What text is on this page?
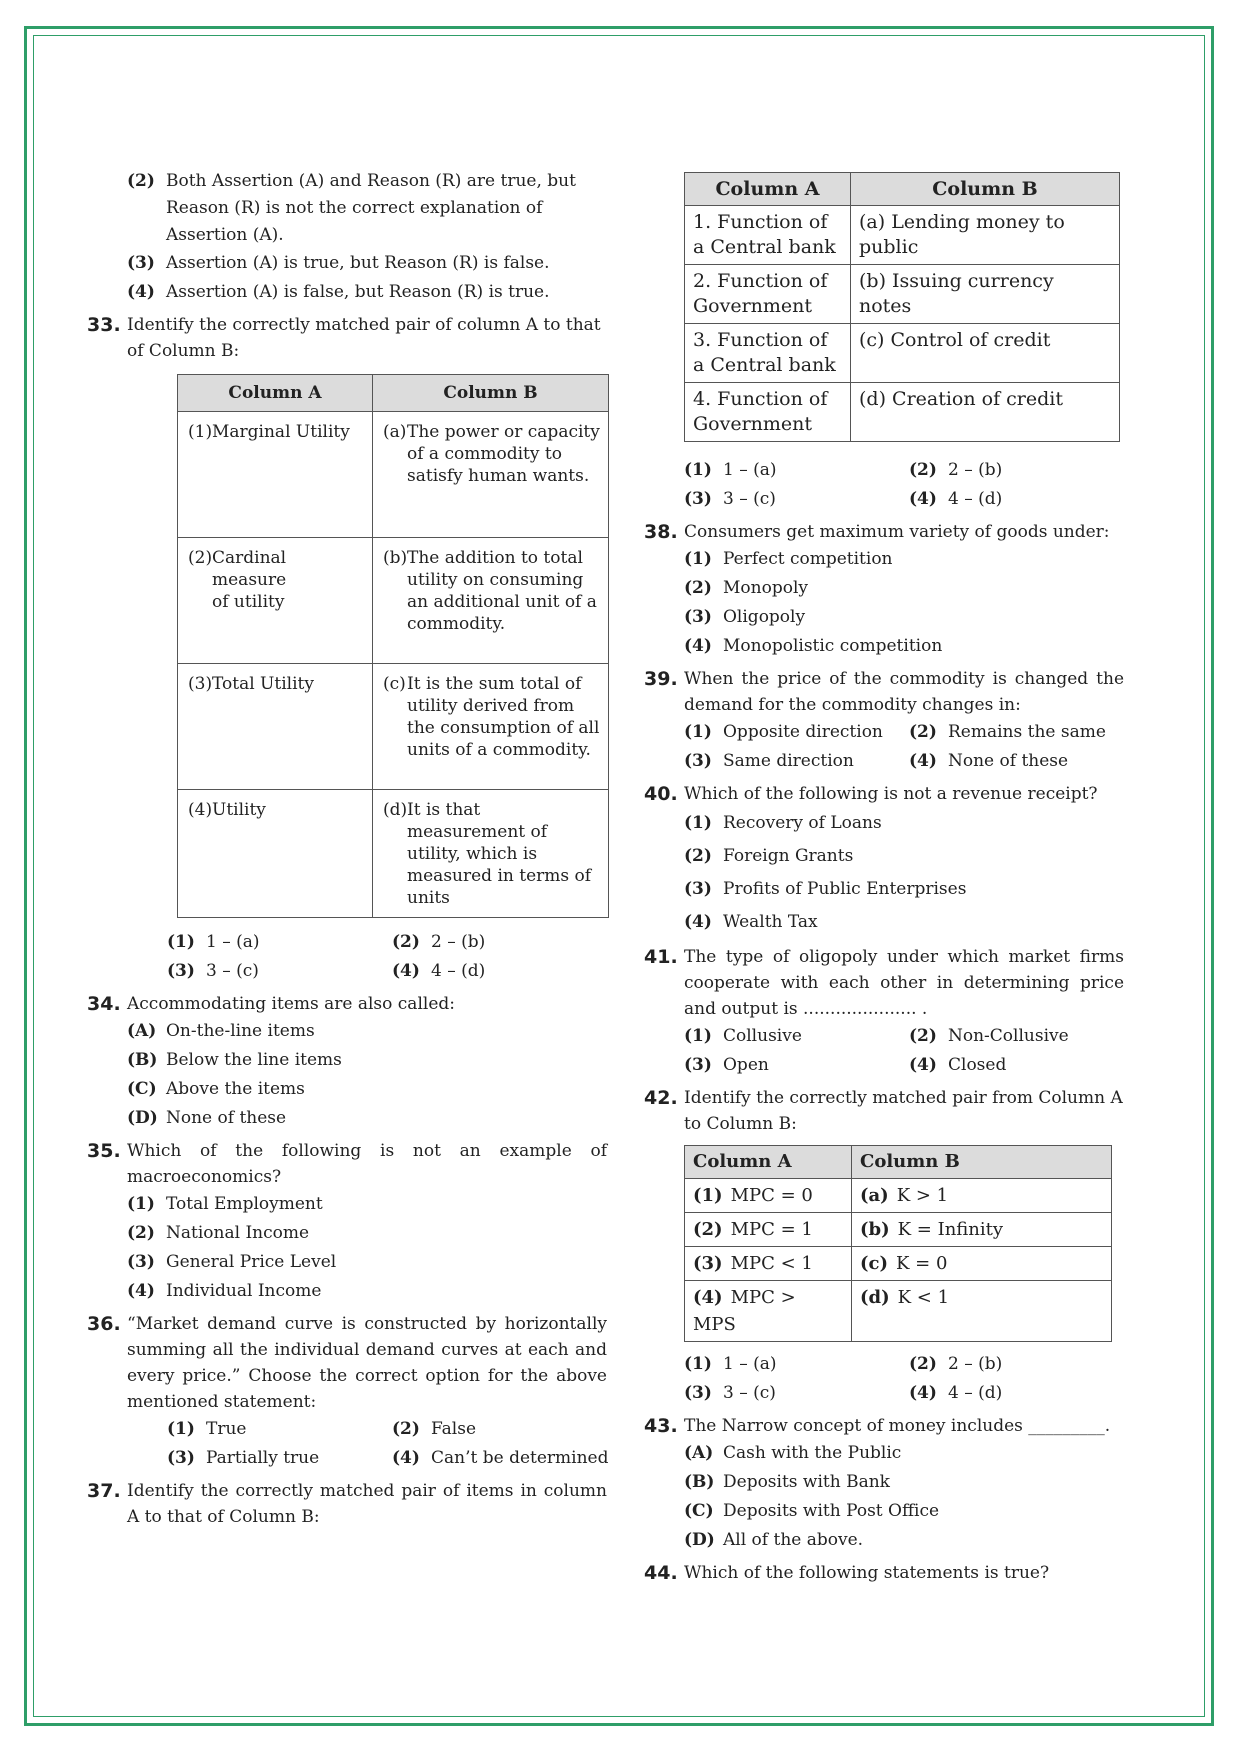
(2) Both Assertion (A) and Reason (R) are true, but Reason (R) is not the correct explanation of Assertion (A).
(3) Assertion (A) is true, but Reason (R) is false.
(4) Assertion (A) is false, but Reason (R) is true.
33. Identify the correctly matched pair of column A to that of Column B:
Column A	Column B

(1) Marginal Utility	(a) The power or capacity of a commodity to satisfy human wants.

(2) Cardinal measure of utility	(b) The addition to total utility on consuming an additional unit of a commodity.

(3) Total Utility	(c) It is the sum total of utility derived from the consumption of all units of a commodity.

(4) Utility	(d) It is that measurement of utility, which is measured in terms of units
(1) 1 – (a)	(2) 2 – (b)
(3) 3 – (c)	(4) 4 – (d)
34. Accommodating items are also called:
(A) On-the-line items
(B) Below the line items
(C) Above the items
(D) None of these
35. Which of the following is not an example of macroeconomics?
(1) Total Employment
(2) National Income
(3) General Price Level
(4) Individual Income
36. “Market demand curve is constructed by horizontally summing all the individual demand curves at each and every price.” Choose the correct option for the above mentioned statement:
(1) True	(2) False
(3) Partially true	(4) Can’t be determined
37. Identify the correctly matched pair of items in column A to that of Column B:
Column A	Column B
1. Function of a Central bank	(a) Lending money to public
2. Function of Government	(b) Issuing currency notes
3. Function of a Central bank	(c) Control of credit
4. Function of Government	(d) Creation of credit
(1) 1 – (a)	(2) 2 – (b)
(3) 3 – (c)	(4) 4 – (d)
38. Consumers get maximum variety of goods under:
(1) Perfect competition
(2) Monopoly
(3) Oligopoly
(4) Monopolistic competition
39. When the price of the commodity is changed the demand for the commodity changes in:
(1) Opposite direction	(2) Remains the same
(3) Same direction	(4) None of these
40. Which of the following is not a revenue receipt?
(1) Recovery of Loans
(2) Foreign Grants
(3) Profits of Public Enterprises
(4) Wealth Tax
41. The type of oligopoly under which market firms cooperate with each other in determining price and output is ..................... .
(1) Collusive	(2) Non-Collusive
(3) Open	(4) Closed
42. Identify the correctly matched pair from Column A to Column B:
Column A	Column B
(1) MPC = 0	(a) K > 1
(2) MPC = 1	(b) K = Infinity
(3) MPC < 1	(c) K = 0
(4) MPC > MPS	(d) K < 1
(1) 1 – (a)	(2) 2 – (b)
(3) 3 – (c)	(4) 4 – (d)
43. The Narrow concept of money includes _________.
(A) Cash with the Public
(B) Deposits with Bank
(C) Deposits with Post Office
(D) All of the above.
44. Which of the following statements is true?
